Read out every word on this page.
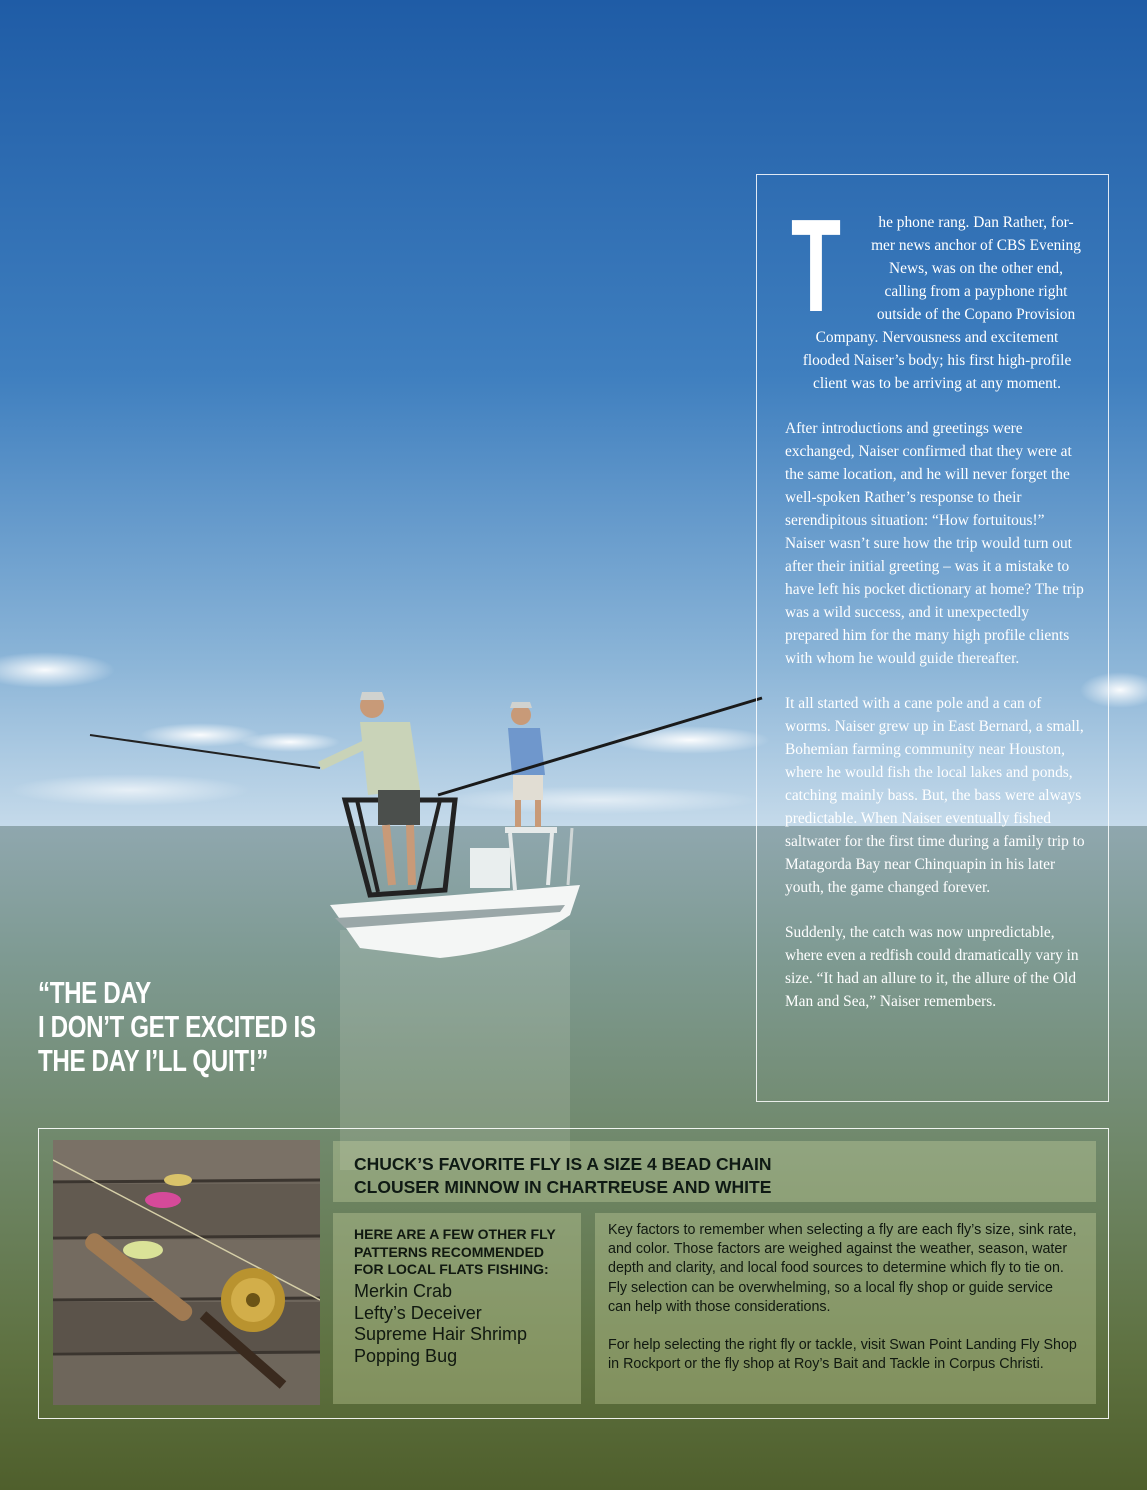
T	he phone rang. Dan Rather, for-
mer news anchor of CBS Evening
News, was on the other end,
calling from a payphone right
outside of the Copano Provision
Company. Nervousness and excitement
flooded Naiser’s body; his first high-profile
client was to be arriving at any moment.

After introductions and greetings were exchanged, Naiser confirmed that they were at the same location, and he will never forget the well-spoken Rather’s response to their serendipitous situation: “How fortuitous!” Naiser wasn’t sure how the trip would turn out after their initial greeting – was it a mistake to have left his pocket dictionary at home? The trip was a wild success, and it unexpectedly prepared him for the many high profile clients with whom he would guide thereafter.

It all started with a cane pole and a can of worms. Naiser grew up in East Bernard, a small, Bohemian farming community near Houston, where he would fish the local lakes and ponds, catching mainly bass. But, the bass were always predictable. When Naiser eventually fished saltwater for the first time during a family trip to Matagorda Bay near Chinquapin in his later youth, the game changed forever.

Suddenly, the catch was now unpredictable, where even a redfish could dramatically vary in size. “It had an allure to it, the allure of the Old Man and Sea,” Naiser remembers.

“THE DAY
I DON’T GET EXCITED IS
THE DAY I’LL QUIT!”
CHUCK’S FAVORITE FLY IS A SIZE 4 BEAD CHAIN
CLOUSER MINNOW IN CHARTREUSE AND WHITE
HERE ARE A FEW OTHER FLY PATTERNS RECOMMENDED FOR LOCAL FLATS FISHING:
Merkin Crab
Lefty’s Deceiver
Supreme Hair Shrimp
Popping Bug

Key factors to remember when selecting a fly are each fly’s size, sink rate, and color. Those factors are weighed against the weather, season, water depth and clarity, and local food sources to determine which fly to tie on. Fly selection can be overwhelming, so a local fly shop or guide service can help with those considerations.

For help selecting the right fly or tackle, visit Swan Point Landing Fly Shop in Rockport or the fly shop at Roy’s Bait and Tackle in Corpus Christi.
